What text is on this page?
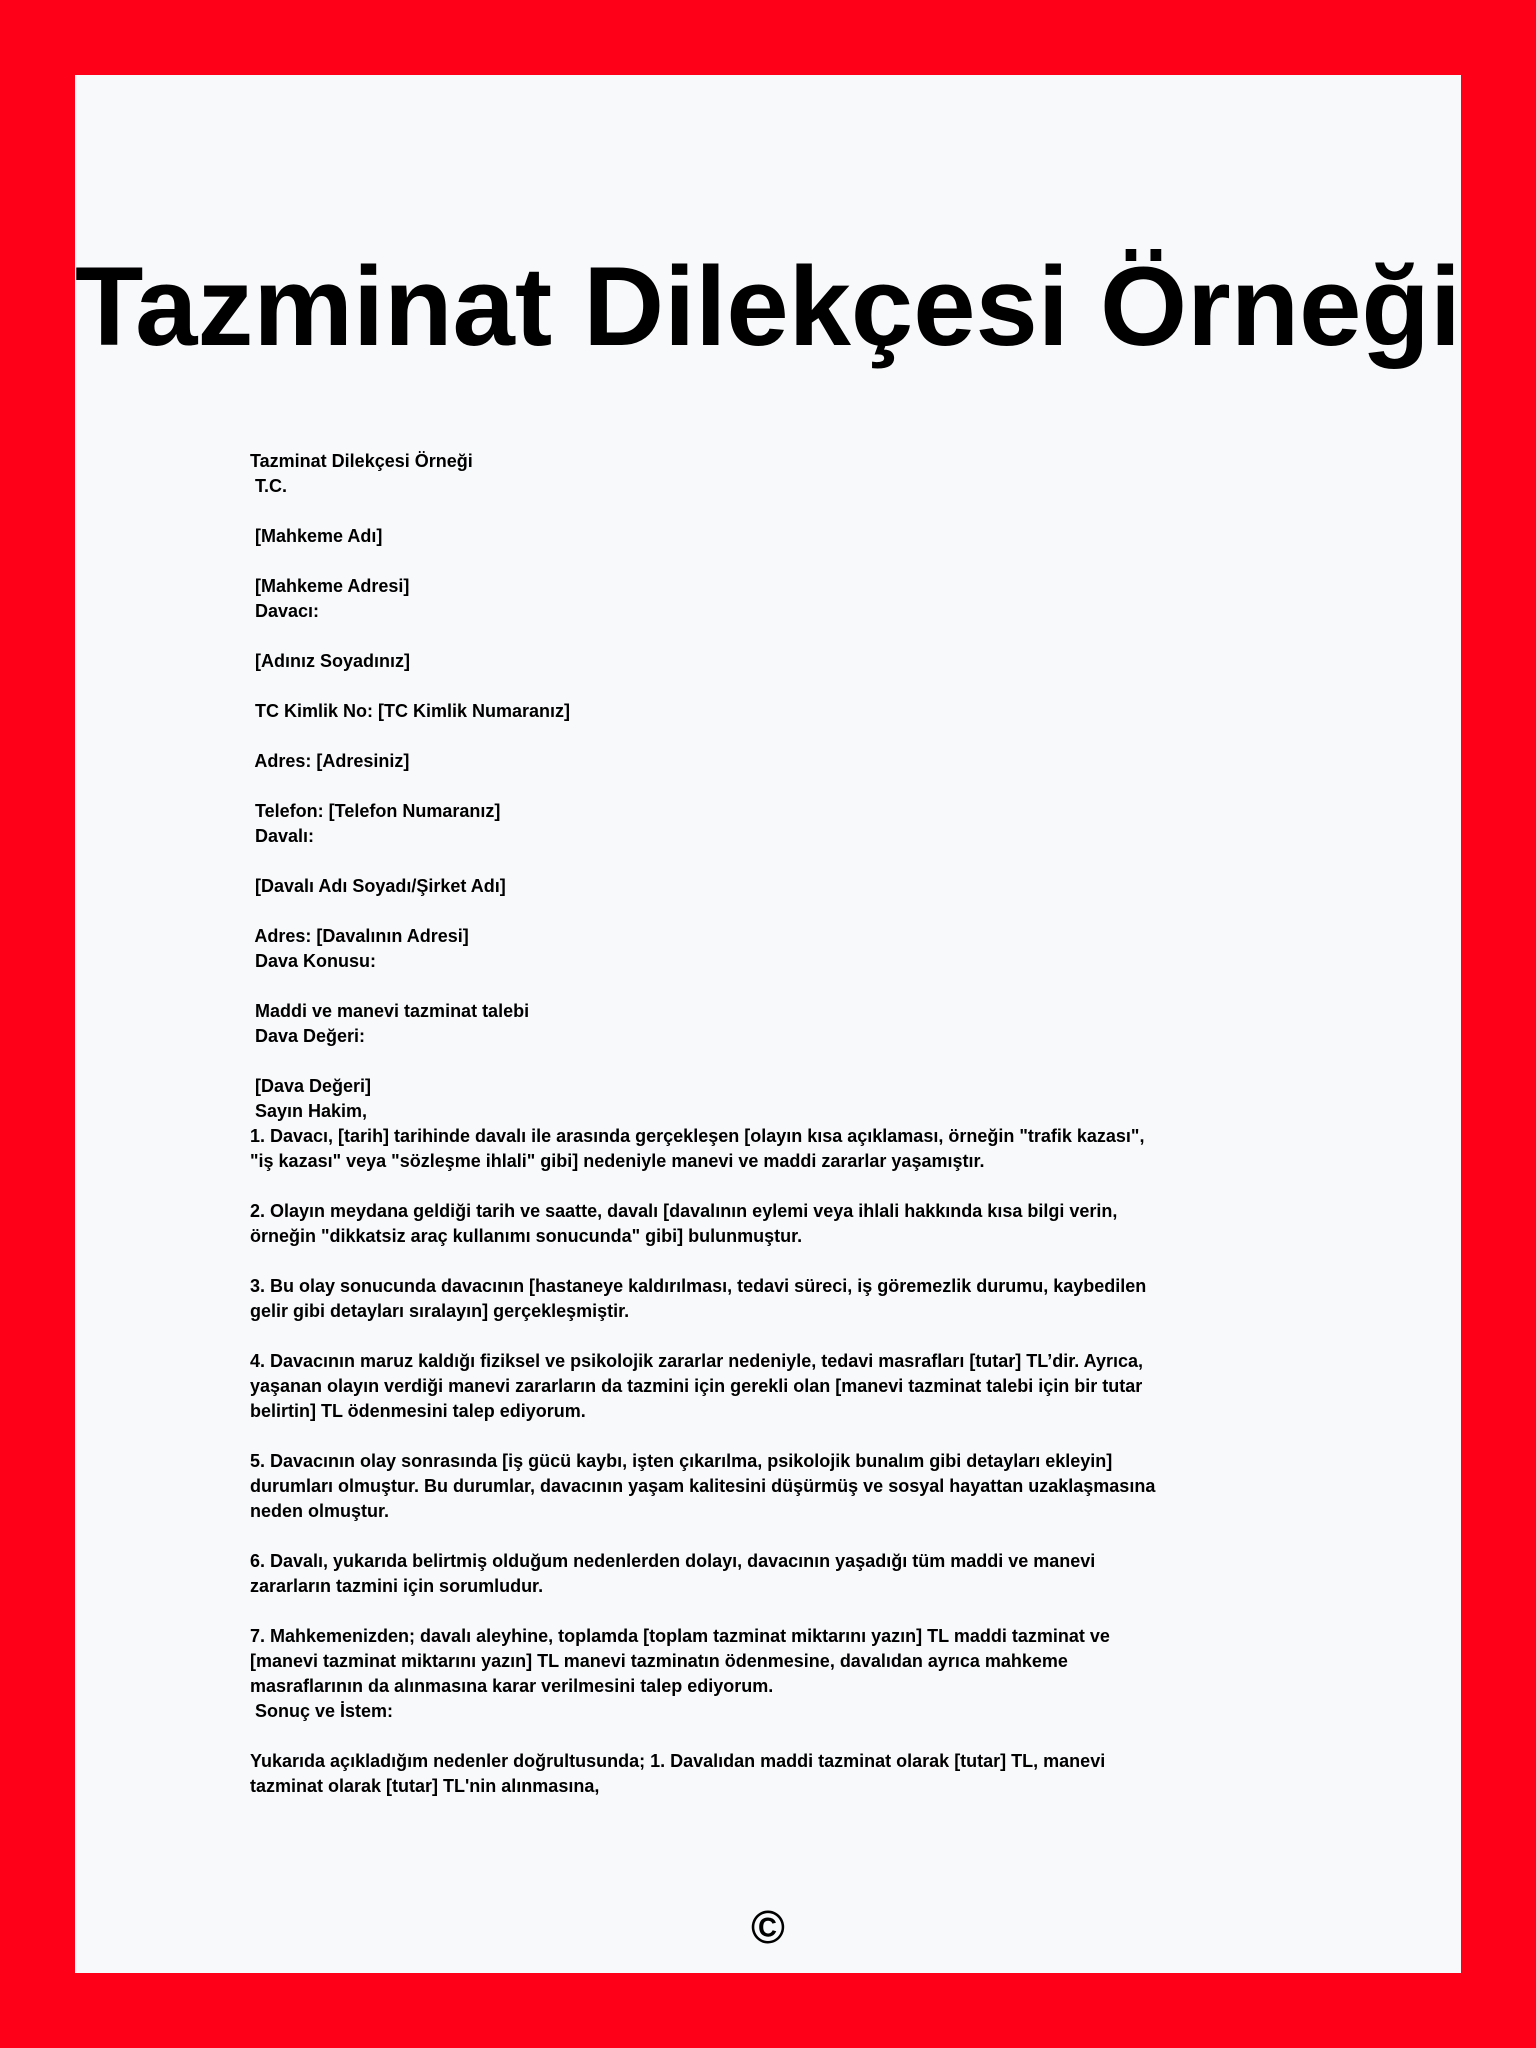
Tazminat Dilekçesi Örneği
Tazminat Dilekçesi Örneği
T.C.
[Mahkeme Adı]
[Mahkeme Adresi]
Davacı:
[Adınız Soyadınız]
TC Kimlik No: [TC Kimlik Numaranız]
Adres: [Adresiniz]
Telefon: [Telefon Numaranız]
Davalı:
[Davalı Adı Soyadı/Şirket Adı]
Adres: [Davalının Adresi]
Dava Konusu:
Maddi ve manevi tazminat talebi
Dava Değeri:
[Dava Değeri]
Sayın Hakim,
1. Davacı, [tarih] tarihinde davalı ile arasında gerçekleşen [olayın kısa açıklaması, örneğin "trafik kazası",
"iş kazası" veya "sözleşme ihlali" gibi] nedeniyle manevi ve maddi zararlar yaşamıştır.
2. Olayın meydana geldiği tarih ve saatte, davalı [davalının eylemi veya ihlali hakkında kısa bilgi verin,
örneğin "dikkatsiz araç kullanımı sonucunda" gibi] bulunmuştur.
3. Bu olay sonucunda davacının [hastaneye kaldırılması, tedavi süreci, iş göremezlik durumu, kaybedilen
gelir gibi detayları sıralayın] gerçekleşmiştir.
4. Davacının maruz kaldığı fiziksel ve psikolojik zararlar nedeniyle, tedavi masrafları [tutar] TL’dir. Ayrıca,
yaşanan olayın verdiği manevi zararların da tazmini için gerekli olan [manevi tazminat talebi için bir tutar
belirtin] TL ödenmesini talep ediyorum.
5. Davacının olay sonrasında [iş gücü kaybı, işten çıkarılma, psikolojik bunalım gibi detayları ekleyin]
durumları olmuştur. Bu durumlar, davacının yaşam kalitesini düşürmüş ve sosyal hayattan uzaklaşmasına
neden olmuştur.
6. Davalı, yukarıda belirtmiş olduğum nedenlerden dolayı, davacının yaşadığı tüm maddi ve manevi
zararların tazmini için sorumludur.
7. Mahkemenizden; davalı aleyhine, toplamda [toplam tazminat miktarını yazın] TL maddi tazminat ve
[manevi tazminat miktarını yazın] TL manevi tazminatın ödenmesine, davalıdan ayrıca mahkeme
masraflarının da alınmasına karar verilmesini talep ediyorum.
Sonuç ve İstem:
Yukarıda açıkladığım nedenler doğrultusunda; 1. Davalıdan maddi tazminat olarak [tutar] TL, manevi
tazminat olarak [tutar] TL'nin alınmasına,
©
